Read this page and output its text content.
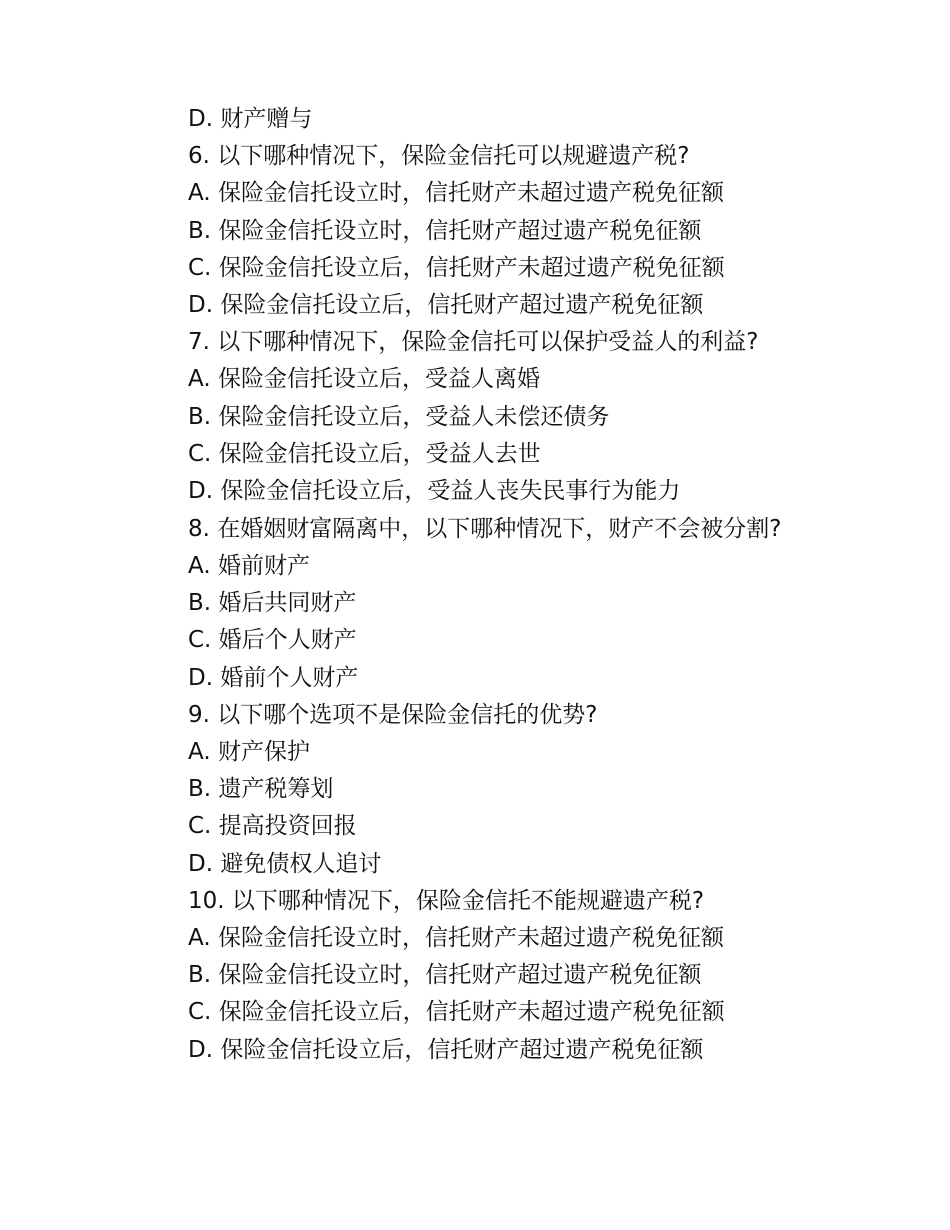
D. 财产赠与
6. 以下哪种情况下，保险金信托可以规避遗产税?
A. 保险金信托设立时，信托财产未超过遗产税免征额
B. 保险金信托设立时，信托财产超过遗产税免征额
C. 保险金信托设立后，信托财产未超过遗产税免征额
D. 保险金信托设立后，信托财产超过遗产税免征额
7. 以下哪种情况下，保险金信托可以保护受益人的利益?
A. 保险金信托设立后，受益人离婚
B. 保险金信托设立后，受益人未偿还债务
C. 保险金信托设立后，受益人去世
D. 保险金信托设立后，受益人丧失民事行为能力
8. 在婚姻财富隔离中，以下哪种情况下，财产不会被分割?
A. 婚前财产
B. 婚后共同财产
C. 婚后个人财产
D. 婚前个人财产
9. 以下哪个选项不是保险金信托的优势?
A. 财产保护
B. 遗产税筹划
C. 提高投资回报
D. 避免债权人追讨
10. 以下哪种情况下，保险金信托不能规避遗产税?
A. 保险金信托设立时，信托财产未超过遗产税免征额
B. 保险金信托设立时，信托财产超过遗产税免征额
C. 保险金信托设立后，信托财产未超过遗产税免征额
D. 保险金信托设立后，信托财产超过遗产税免征额
